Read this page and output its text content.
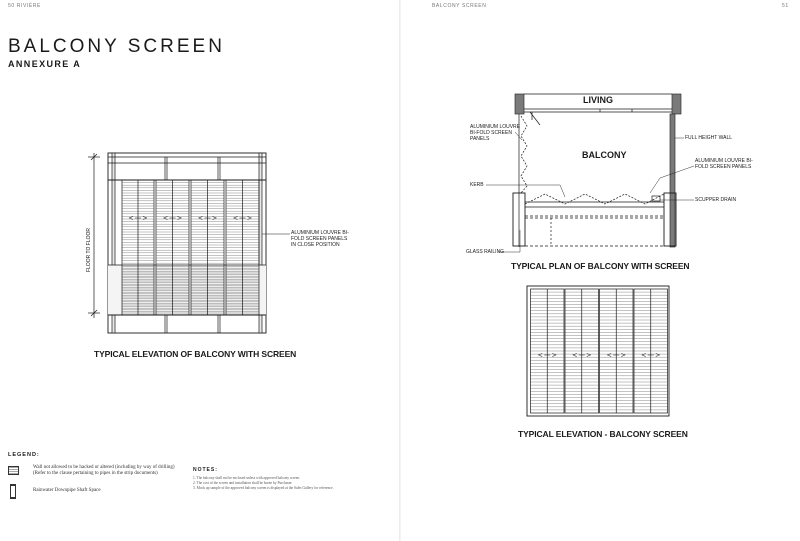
50 RIVIÈRE	BALCONY SCREEN	51
BALCONY SCREEN
ANNEXURE A
FLOOR TO FLOOR	ALUMINIUM LOUVRE BI-FOLD SCREEN PANELS IN CLOSE POSITION
TYPICAL ELEVATION OF BALCONY WITH SCREEN
LIVING
BALCONY
ALUMINIUM LOUVRE BI-FOLD SCREEN PANELS
KERB
GLASS RAILING
FULL HEIGHT WALL
ALUMINIUM LOUVRE BI-FOLD SCREEN PANELS
SCUPPER DRAIN
TYPICAL PLAN OF BALCONY WITH SCREEN
TYPICAL ELEVATION - BALCONY SCREEN
LEGEND:
Wall not allowed to be hacked or altered (including by way of drilling)
(Refer to the clause pertaining to pipes in the strip documents)
Rainwater Downpipe Shaft Space
NOTES:
1. The balcony shall not be enclosed unless with approved balcony screen.
2. The cost of the screen and installation shall be borne by Purchaser.
3. Mock up sample of the approved balcony screen is displayed at the Sales Gallery for reference.
